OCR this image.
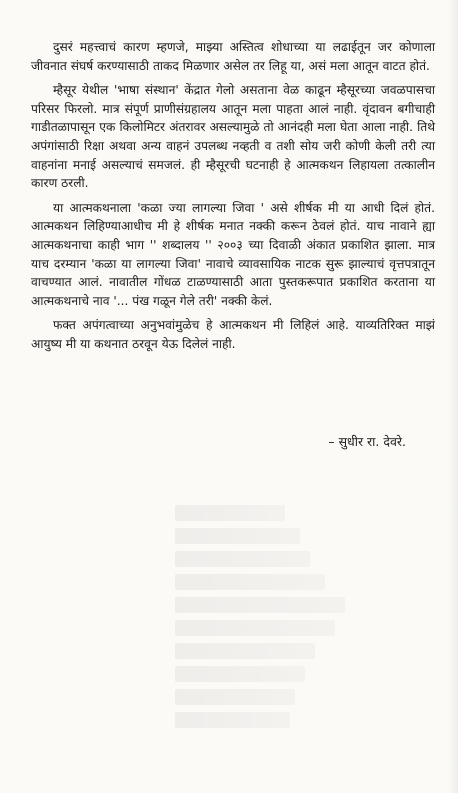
दुसरं महत्त्वाचं कारण म्हणजे, माझ्या अस्तित्व शोधाच्या या लढाईतून जर कोणाला जीवनात संघर्ष करण्यासाठी ताकद मिळणार असेल तर लिहू या, असं मला आतून वाटत होतं.

म्हैसूर येथील 'भाषा संस्थान' केंद्रात गेलो असताना वेळ काढून म्हैसूरच्या जवळपासचा परिसर फिरलो. मात्र संपूर्ण प्राणीसंग्रहालय आतून मला पाहता आलं नाही. वृंदावन बगीचाही गाडीतळापासून एक किलोमिटर अंतरावर असल्यामुळे तो आनंदही मला घेता आला नाही. तिथे अपंगांसाठी रिक्षा अथवा अन्य वाहनं उपलब्ध नव्हती व तशी सोय जरी कोणी केली तरी त्या वाहनांना मनाई असल्याचं समजलं. ही म्हैसूरची घटनाही हे आत्मकथन लिहायला तत्कालीन कारण ठरली.

या आत्मकथनाला 'कळा ज्या लागल्या जिवा ' असे शीर्षक मी या आधी दिलं होतं. आत्मकथन लिहिण्याआधीच मी हे शीर्षक मनात नक्की करून ठेवलं होतं. याच नावाने ह्या आत्मकथनाचा काही भाग '' शब्दालय '' २००३ च्या दिवाळी अंकात प्रकाशित झाला. मात्र याच दरम्यान 'कळा या लागल्या जिवा' नावाचे व्यावसायिक नाटक सुरू झाल्याचं वृत्तपत्रातून वाचण्यात आलं. नावातील गोंधळ टाळण्यासाठी आता पुस्तकरूपात प्रकाशित करताना या आत्मकथनाचे नाव '... पंख गळून गेले तरी' नक्की केलं.

फक्त अपंगत्वाच्या अनुभवांमुळेच हे आत्मकथन मी लिहिलं आहे. याव्यतिरिक्त माझं आयुष्य मी या कथनात ठरवून येऊ दिलेलं नाही.

– सुधीर रा. देवरे.
